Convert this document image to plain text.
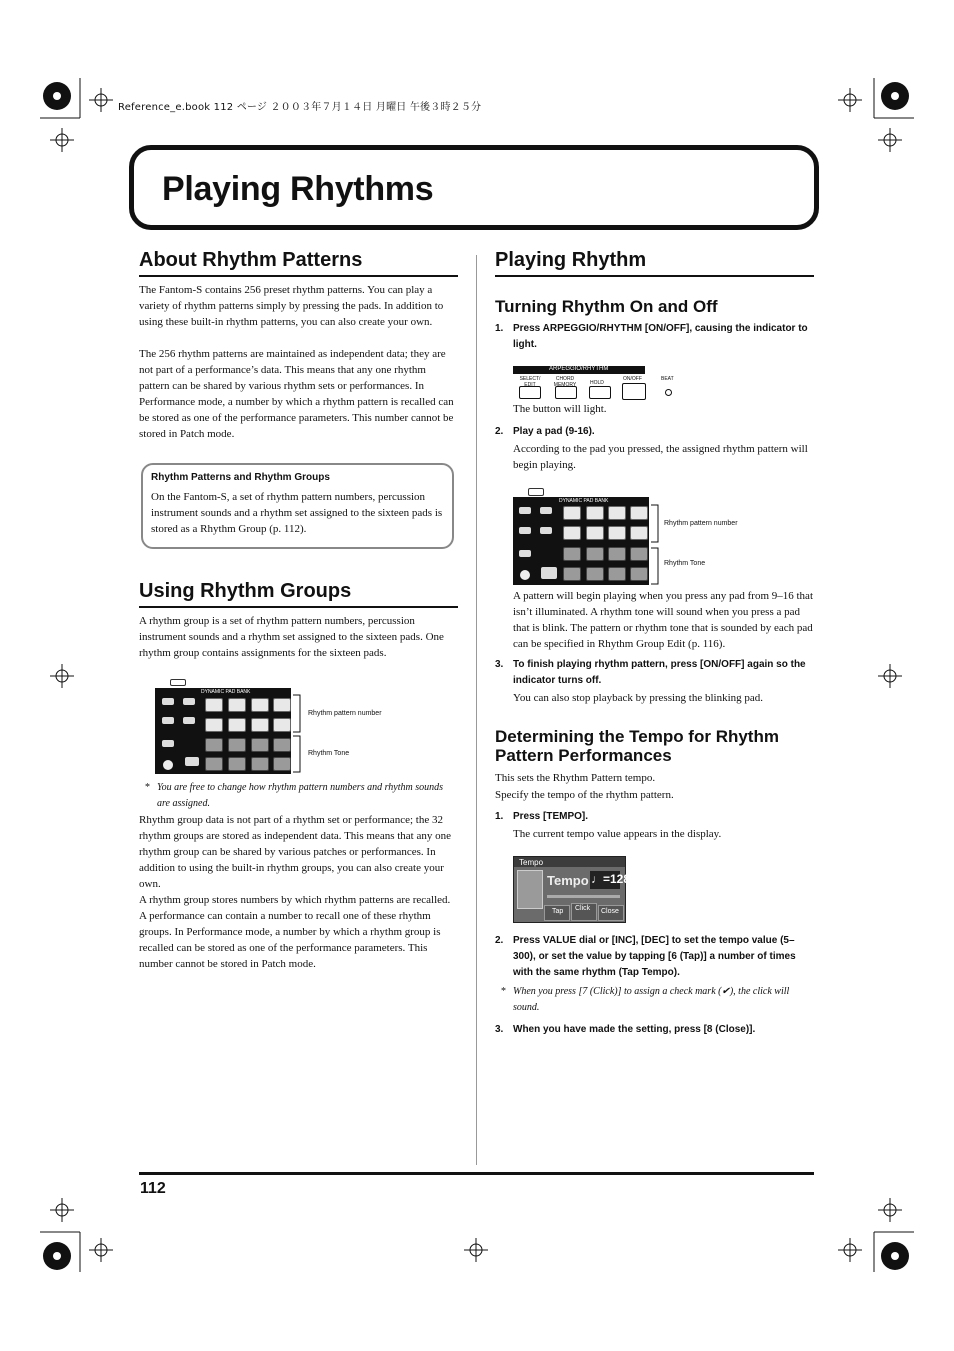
Reference_e.book 112 ページ ２００３年７月１４日 月曜日 午後３時２５分
Playing Rhythms
About Rhythm Patterns

The Fantom-S contains 256 preset rhythm patterns. You can play a variety of rhythm patterns simply by pressing the pads. In addition to using these built-in rhythm patterns, you can also create your own.

The 256 rhythm patterns are maintained as independent data; they are not part of a performance’s data. This means that any one rhythm pattern can be shared by various rhythm sets or performances. In Performance mode, a number by which a rhythm pattern is recalled can be stored as one of the performance parameters. This number cannot be stored in Patch mode.

Rhythm Patterns and Rhythm Groups
On the Fantom-S, a set of rhythm pattern numbers, percussion instrument sounds and a rhythm set assigned to the sixteen pads is stored as a Rhythm Group (p. 112).
Using Rhythm Groups

A rhythm group is a set of rhythm pattern numbers, percussion instrument sounds and a rhythm set assigned to the sixteen pads. One rhythm group contains assignments for the sixteen pads.

DYNAMIC PAD BANK
Rhythm pattern number
Rhythm Tone

* You are free to change how rhythm pattern numbers and rhythm sounds are assigned.

Rhythm group data is not part of a rhythm set or performance; the 32 rhythm groups are stored as independent data. This means that any one rhythm group can be shared by various patches or performances. In addition to using the built-in rhythm groups, you can also create your own.

A rhythm group stores numbers by which rhythm patterns are recalled. A performance can contain a number to recall one of these rhythm groups. In Performance mode, a number by which a rhythm group is recalled can be stored as one of the performance parameters. This number cannot be stored in Patch mode.

Playing Rhythm
Turning Rhythm On and Off

1. Press ARPEGGIO/RHYTHM [ON/OFF], causing the indicator to light.

ARPEGGIO/RHYTHM
SELECT/ EDIT
CHORD MEMORY	HOLD
ON/OFF	BEAT

The button will light.

2. Play a pad (9-16).

According to the pad you pressed, the assigned rhythm pattern will begin playing.

DYNAMIC PAD BANK
Rhythm pattern number
Rhythm Tone

A pattern will begin playing when you press any pad from 9–16 that isn’t illuminated. A rhythm tone will sound when you press a pad that is blink. The pattern or rhythm tone that is sounded by each pad can be specified in Rhythm Group Edit (p. 116).

3. To finish playing rhythm pattern, press [ON/OFF] again so the indicator turns off.

You can also stop playback by pressing the blinking pad.

Determining the Tempo for Rhythm Pattern Performances

This sets the Rhythm Pattern tempo.

Specify the tempo of the rhythm pattern.

1. Press [TEMPO].

The current tempo value appears in the display.

Tempo
Tempo ♩=128
Tap Click Close

2. Press VALUE dial or [INC], [DEC] to set the tempo value (5–300), or set the value by tapping [6 (Tap)] a number of times with the same rhythm (Tap Tempo).

* When you press [7 (Click)] to assign a check mark (✔), the click will sound.

3. When you have made the setting, press [8 (Close)].

112
